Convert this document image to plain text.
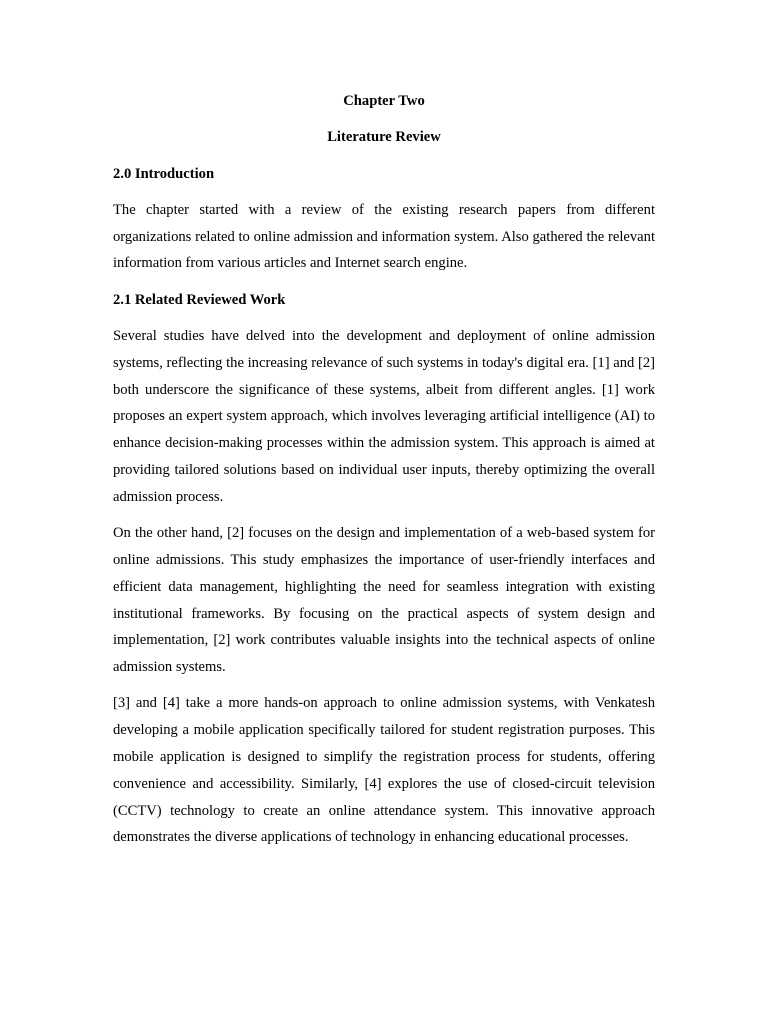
Chapter Two
Literature Review
2.0 Introduction

The chapter started with a review of the existing research papers from different organizations related to online admission and information system. Also gathered the relevant information from various articles and Internet search engine.

2.1 Related Reviewed Work

Several studies have delved into the development and deployment of online admission systems, reflecting the increasing relevance of such systems in today's digital era. [1] and [2] both underscore the significance of these systems, albeit from different angles. [1] work proposes an expert system approach, which involves leveraging artificial intelligence (AI) to enhance decision-making processes within the admission system. This approach is aimed at providing tailored solutions based on individual user inputs, thereby optimizing the overall admission process.

On the other hand, [2] focuses on the design and implementation of a web-based system for online admissions. This study emphasizes the importance of user-friendly interfaces and efficient data management, highlighting the need for seamless integration with existing institutional frameworks. By focusing on the practical aspects of system design and implementation, [2] work contributes valuable insights into the technical aspects of online admission systems.

[3] and [4] take a more hands-on approach to online admission systems, with Venkatesh developing a mobile application specifically tailored for student registration purposes. This mobile application is designed to simplify the registration process for students, offering convenience and accessibility. Similarly, [4] explores the use of closed-circuit television (CCTV) technology to create an online attendance system. This innovative approach demonstrates the diverse applications of technology in enhancing educational processes.
